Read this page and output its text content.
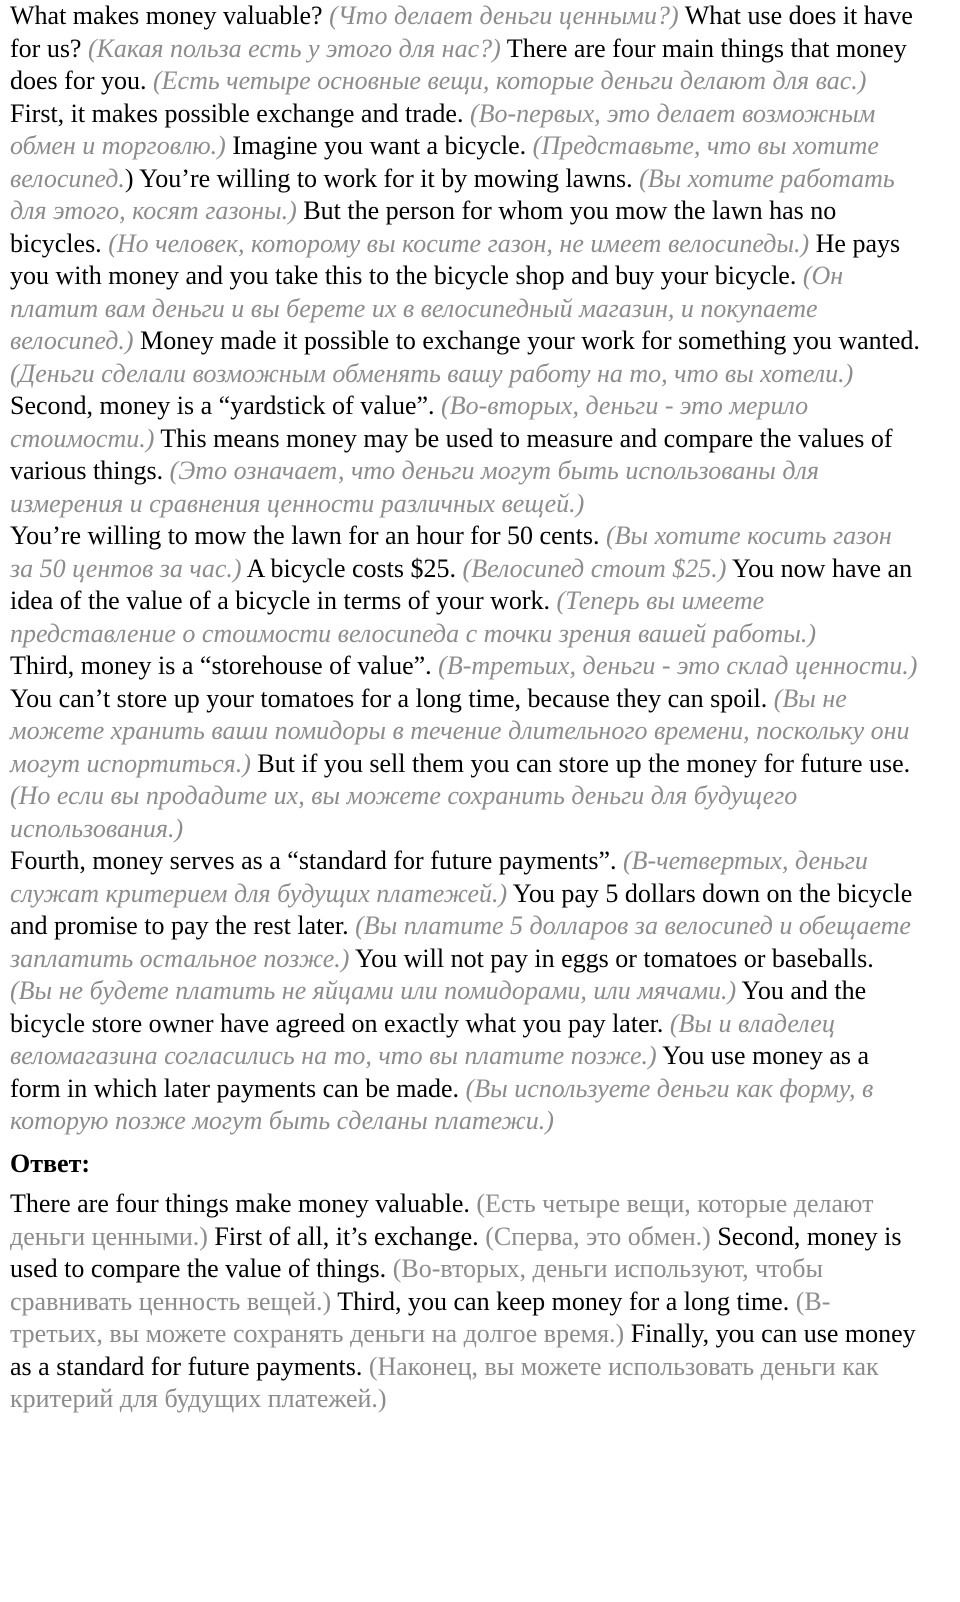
What makes money valuable? (Что делает деньги ценными?) What use does it have for us? (Какая польза есть у этого для нас?) There are four main things that money does for you. (Есть четыре основные вещи, которые деньги делают для вас.)

First, it makes possible exchange and trade. (Во-первых, это делает возможным обмен и торговлю.) Imagine you want a bicycle. (Представьте, что вы хотите велосипед.) You’re willing to work for it by mowing lawns. (Вы хотите работать для этого, косят газоны.) But the person for whom you mow the lawn has no bicycles. (Но человек, которому вы косите газон, не имеет велосипеды.) He pays you with money and you take this to the bicycle shop and buy your bicycle. (Он платит вам деньги и вы берете их в велосипедный магазин, и покупаете велосипед.) Money made it possible to exchange your work for something you wanted. (Деньги сделали возможным обменять вашу работу на то, что вы хотели.)

Second, money is a “yardstick of value”. (Во-вторых, деньги - это мерило стоимости.) This means money may be used to measure and compare the values of various things. (Это означает, что деньги могут быть использованы для измерения и сравнения ценности различных вещей.)

You’re willing to mow the lawn for an hour for 50 cents. (Вы хотите косить газон за 50 центов за час.) A bicycle costs $25. (Велосипед стоит $25.) You now have an idea of the value of a bicycle in terms of your work. (Теперь вы имеете представление о стоимости велосипеда с точки зрения вашей работы.)

Third, money is a “storehouse of value”. (В-третьих, деньги - это склад ценности.) You can’t store up your tomatoes for a long time, because they can spoil. (Вы не можете хранить ваши помидоры в течение длительного времени, поскольку они могут испортиться.) But if you sell them you can store up the money for future use. (Но если вы продадите их, вы можете сохранить деньги для будущего использования.)

Fourth, money serves as a “standard for future payments”. (В-четвертых, деньги служат критерием для будущих платежей.) You pay 5 dollars down on the bicycle and promise to pay the rest later. (Вы платите 5 долларов за велосипед и обещаете заплатить остальное позже.) You will not pay in eggs or tomatoes or baseballs. (Вы не будете платить не яйцами или помидорами, или мячами.) You and the bicycle store owner have agreed on exactly what you pay later. (Вы и владелец веломагазина согласились на то, что вы платите позже.) You use money as a form in which later payments can be made. (Вы используете деньги как форму, в которую позже могут быть сделаны платежи.)

Ответ:

There are four things make money valuable. (Есть четыре вещи, которые делают деньги ценными.) First of all, it’s exchange. (Сперва, это обмен.) Second, money is used to compare the value of things. (Во-вторых, деньги используют, чтобы сравнивать ценность вещей.) Third, you can keep money for a long time. (В-третьих, вы можете сохранять деньги на долгое время.) Finally, you can use money as a standard for future payments. (Наконец, вы можете использовать деньги как критерий для будущих платежей.)
